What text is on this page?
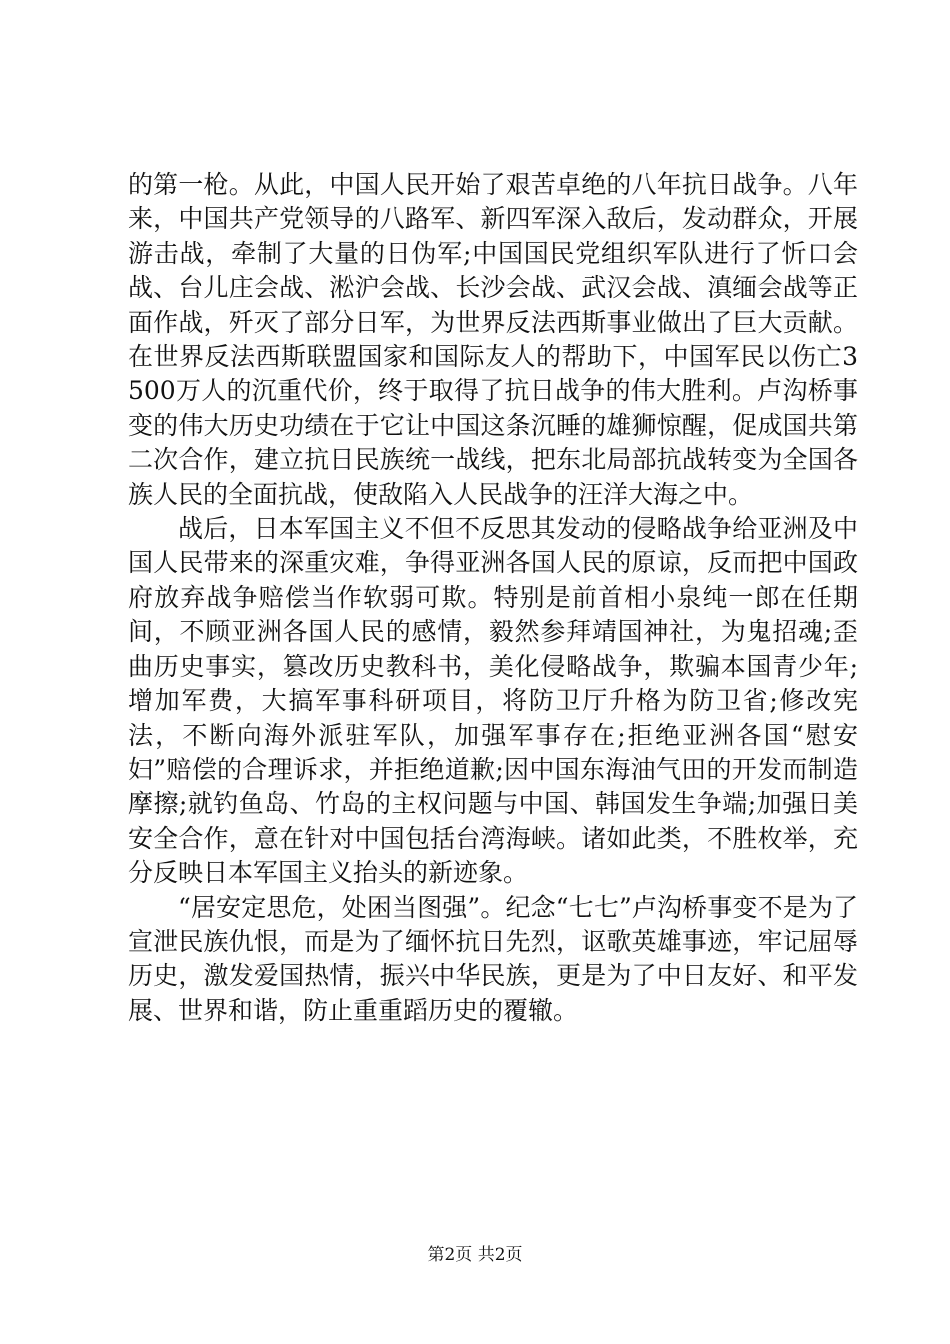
的第一枪。从此，中国人民开始了艰苦卓绝的八年抗日战争。八年来，中国共产党领导的八路军、新四军深入敌后，发动群众，开展游击战，牵制了大量的日伪军;中国国民党组织军队进行了忻口会战、台儿庄会战、淞沪会战、长沙会战、武汉会战、滇缅会战等正面作战，歼灭了部分日军，为世界反法西斯事业做出了巨大贡献。在世界反法西斯联盟国家和国际友人的帮助下，中国军民以伤亡3500万人的沉重代价，终于取得了抗日战争的伟大胜利。卢沟桥事变的伟大历史功绩在于它让中国这条沉睡的雄狮惊醒，促成国共第二次合作，建立抗日民族统一战线，把东北局部抗战转变为全国各族人民的全面抗战，使敌陷入人民战争的汪洋大海之中。

战后，日本军国主义不但不反思其发动的侵略战争给亚洲及中国人民带来的深重灾难，争得亚洲各国人民的原谅，反而把中国政府放弃战争赔偿当作软弱可欺。特别是前首相小泉纯一郎在任期间，不顾亚洲各国人民的感情，毅然参拜靖国神社，为鬼招魂;歪曲历史事实，篡改历史教科书，美化侵略战争，欺骗本国青少年;增加军费，大搞军事科研项目，将防卫厅升格为防卫省;修改宪法，不断向海外派驻军队，加强军事存在;拒绝亚洲各国“慰安妇”赔偿的合理诉求，并拒绝道歉;因中国东海油气田的开发而制造摩擦;就钓鱼岛、竹岛的主权问题与中国、韩国发生争端;加强日美安全合作，意在针对中国包括台湾海峡。诸如此类，不胜枚举，充分反映日本军国主义抬头的新迹象。

“居安定思危，处困当图强”。纪念“七七”卢沟桥事变不是为了宣泄民族仇恨，而是为了缅怀抗日先烈，讴歌英雄事迹，牢记屈辱历史，激发爱国热情，振兴中华民族，更是为了中日友好、和平发展、世界和谐，防止重重蹈历史的覆辙。

第2页 共2页
